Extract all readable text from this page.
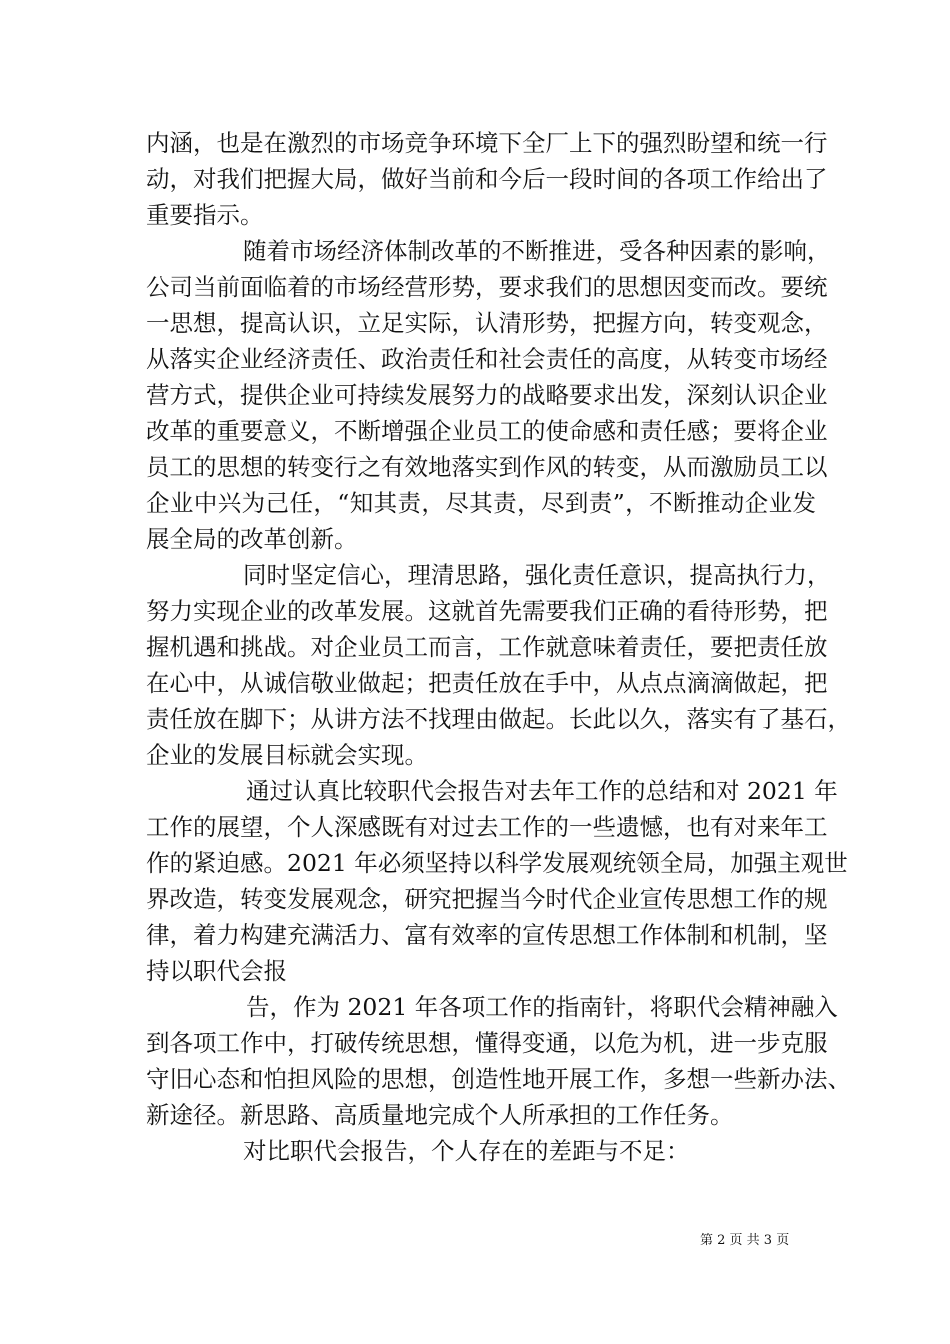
内涵，也是在激烈的市场竞争环境下全厂上下的强烈盼望和统一行
动，对我们把握大局，做好当前和今后一段时间的各项工作给出了
重要指示。
随着市场经济体制改革的不断推进，受各种因素的影响，
公司当前面临着的市场经营形势，要求我们的思想因变而改。要统
一思想，提高认识，立足实际，认清形势，把握方向，转变观念，
从落实企业经济责任、政治责任和社会责任的高度，从转变市场经
营方式，提供企业可持续发展努力的战略要求出发，深刻认识企业
改革的重要意义，不断增强企业员工的使命感和责任感；要将企业
员工的思想的转变行之有效地落实到作风的转变，从而激励员工以
企业中兴为己任，“知其责，尽其责，尽到责”，不断推动企业发
展全局的改革创新。
同时坚定信心，理清思路，强化责任意识，提高执行力，
努力实现企业的改革发展。这就首先需要我们正确的看待形势，把
握机遇和挑战。对企业员工而言，工作就意味着责任，要把责任放
在心中，从诚信敬业做起；把责任放在手中，从点点滴滴做起，把
责任放在脚下；从讲方法不找理由做起。长此以久，落实有了基石，
企业的发展目标就会实现。
通过认真比较职代会报告对去年工作的总结和对 2021 年
工作的展望，个人深感既有对过去工作的一些遗憾，也有对来年工
作的紧迫感。2021 年必须坚持以科学发展观统领全局，加强主观世
界改造，转变发展观念，研究把握当今时代企业宣传思想工作的规
律，着力构建充满活力、富有效率的宣传思想工作体制和机制，坚
持以职代会报
告，作为 2021 年各项工作的指南针，将职代会精神融入
到各项工作中，打破传统思想，懂得变通，以危为机，进一步克服
守旧心态和怕担风险的思想，创造性地开展工作，多想一些新办法、
新途径。新思路、高质量地完成个人所承担的工作任务。
对比职代会报告，个人存在的差距与不足：
第 2 页 共 3 页
